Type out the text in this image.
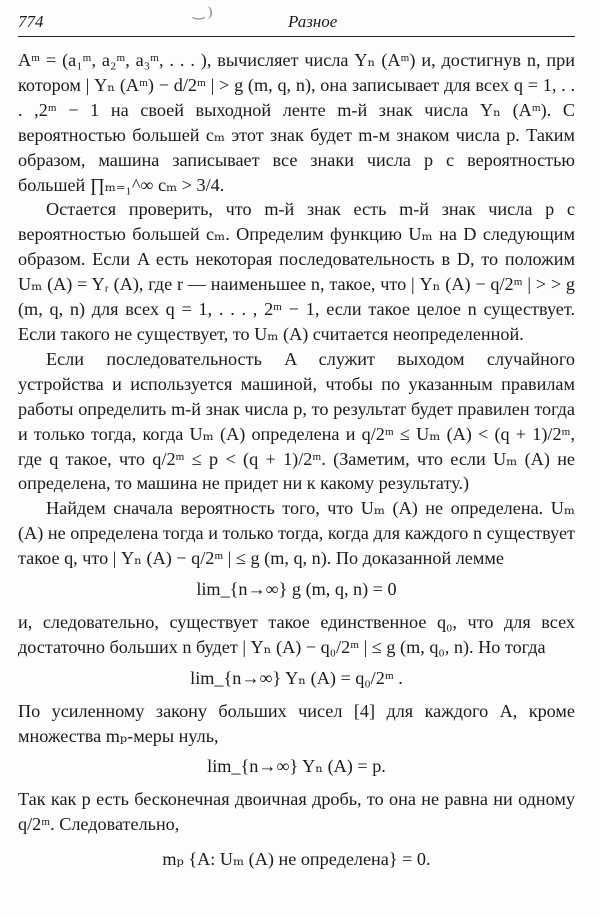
774	‿ )	Разное

Aᵐ = (a₁ᵐ, a₂ᵐ, a₃ᵐ, . . . ), вычисляет числа Yₙ (Aᵐ) и, достигнув n, при котором | Yₙ (Aᵐ) − d/2ᵐ | > g (m, q, n), она записывает для всех q = 1, . . . ,2ᵐ − 1 на своей выходной ленте m-й знак числа Yₙ (Aᵐ). С вероятностью большей cₘ этот знак будет m-м знаком числа p. Таким образом, машина записывает все знаки числа p с вероятностью большей ∏ₘ₌₁^∞ cₘ > 3/4.

Остается проверить, что m-й знак есть m-й знак числа p с вероятностью большей cₘ. Определим функцию Uₘ на D следующим образом. Если A есть некоторая последовательность в D, то положим Uₘ (A) = Yᵣ (A), где r — наименьшее n, такое, что | Yₙ (A) − q/2ᵐ | > > g (m, q, n) для всех q = 1, . . . , 2ᵐ − 1, если такое целое n существует. Если такого не существует, то Uₘ (A) считается неопределенной.

Если последовательность A служит выходом случайного устройства и используется машиной, чтобы по указанным правилам работы определить m-й знак числа p, то результат будет правилен тогда и только тогда, когда Uₘ (A) определена и q/2ᵐ ≤ Uₘ (A) < (q + 1)/2ᵐ, где q такое, что q/2ᵐ ≤ p < (q + 1)/2ᵐ. (Заметим, что если Uₘ (A) не определена, то машина не придет ни к какому результату.)

Найдем сначала вероятность того, что Uₘ (A) не определена. Uₘ (A) не определена тогда и только тогда, когда для каждого n существует такое q, что | Yₙ (A) − q/2ᵐ | ≤ g (m, q, n). По доказанной лемме

lim_{n→∞} g (m, q, n) = 0

и, следовательно, существует такое единственное q₀, что для всех достаточно больших n будет | Yₙ (A) − q₀/2ᵐ | ≤ g (m, q₀, n). Но тогда

lim_{n→∞} Yₙ (A) = q₀/2ᵐ .

По усиленному закону больших чисел [4] для каждого A, кроме множества mₚ-меры нуль,

lim_{n→∞} Yₙ (A) = p.

Так как p есть бесконечная двоичная дробь, то она не равна ни одному q/2ᵐ. Следовательно,

mₚ {A: Uₘ (A) не определена} = 0.
